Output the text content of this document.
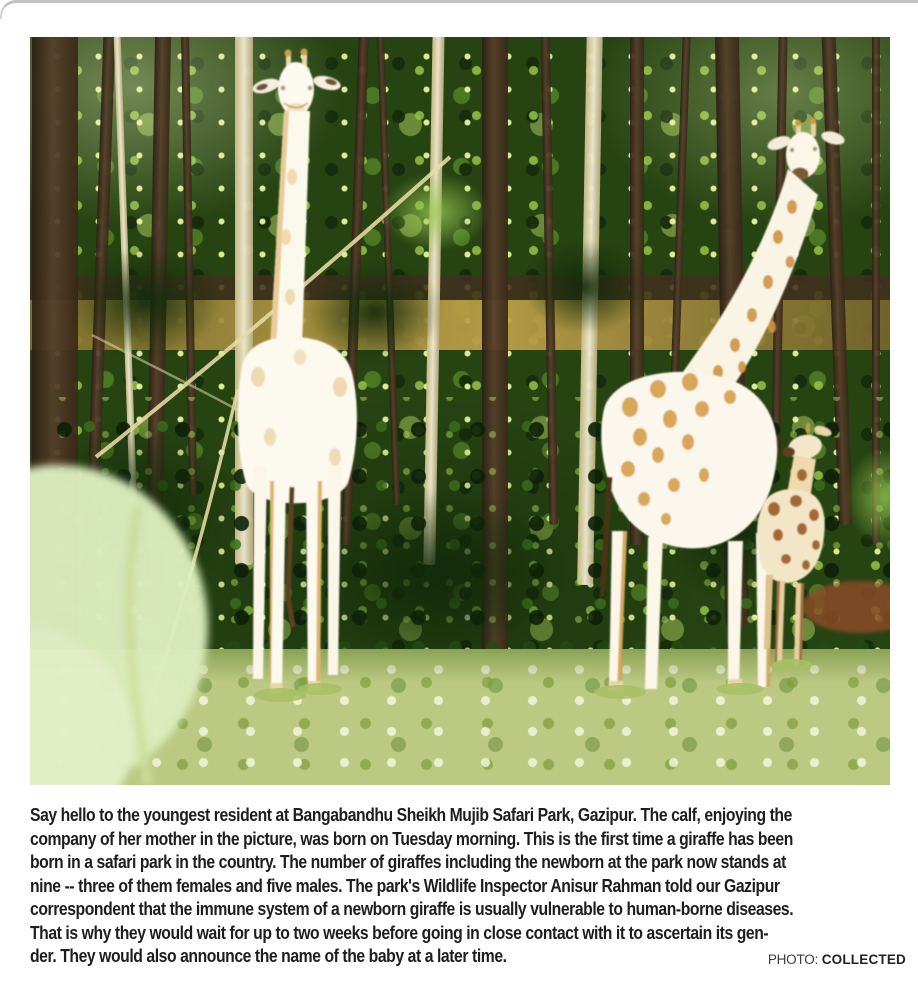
Say hello to the youngest resident at Bangabandhu Sheikh Mujib Safari Park, Gazipur. The calf, enjoying the
company of her mother in the picture, was born on Tuesday morning. This is the first time a giraffe has been
born in a safari park in the country. The number of giraffes including the newborn at the park now stands at
nine -- three of them females and five males. The park's Wildlife Inspector Anisur Rahman told our Gazipur
correspondent that the immune system of a newborn giraffe is usually vulnerable to human-borne diseases.
That is why they would wait for up to two weeks before going in close contact with it to ascertain its gen-
der. They would also announce the name of the baby at a later time.	PHOTO: COLLECTED
